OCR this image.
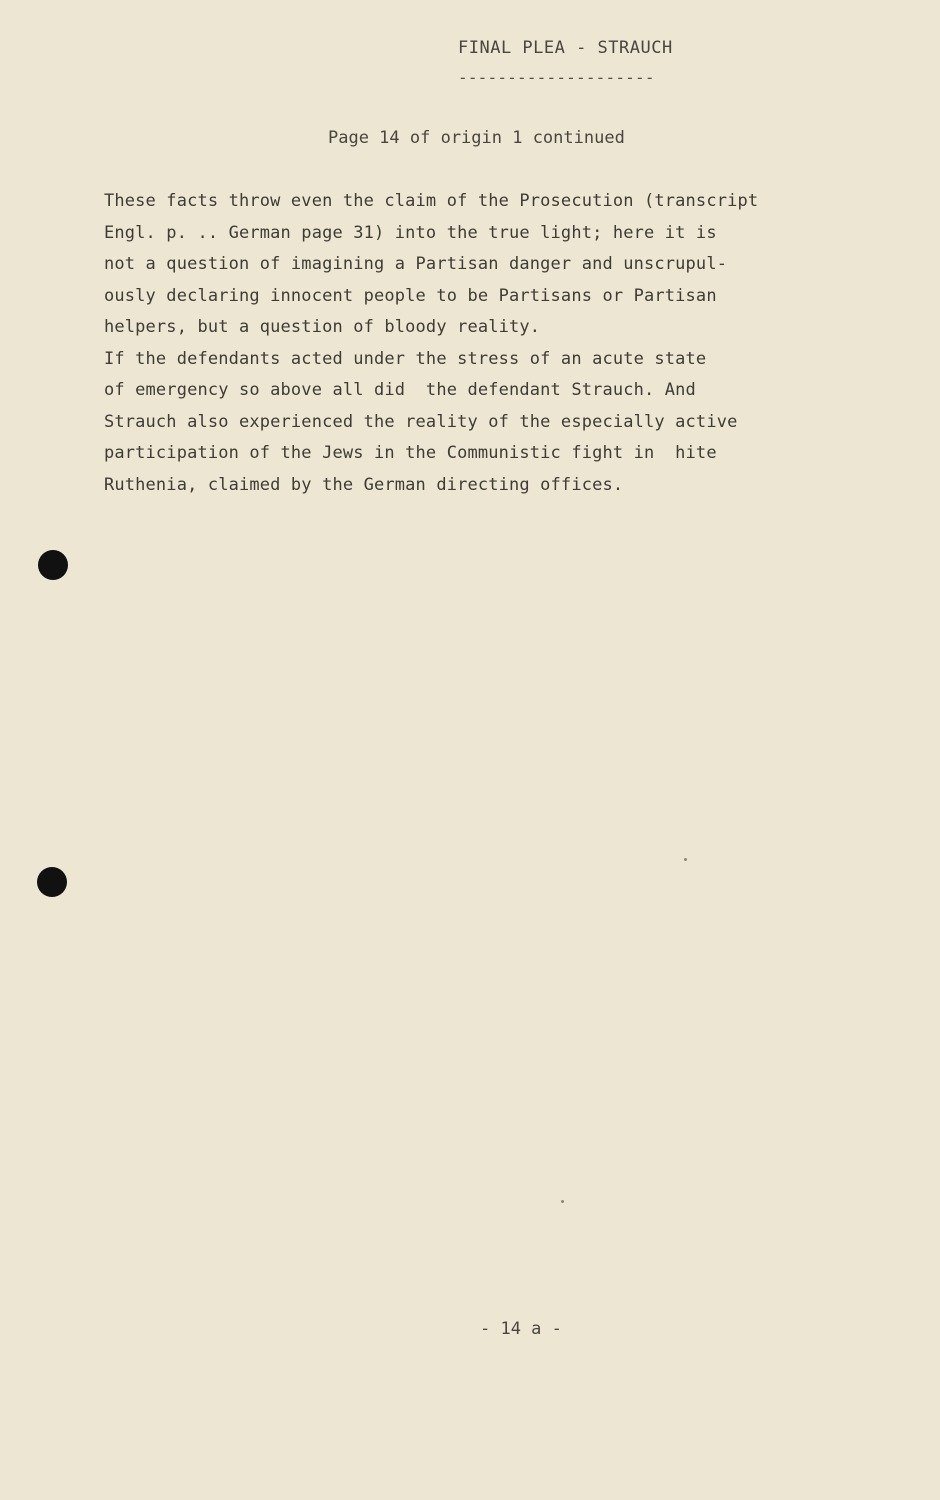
FINAL PLEA - STRAUCH
--------------------
Page 14 of origin 1 continued
These facts throw even the claim of the Prosecution (transcript
Engl. p. .. German page 31) into the true light; here it is
not a question of imagining a Partisan danger and unscrupul-
ously declaring innocent people to be Partisans or Partisan
helpers, but a question of bloody reality.
If the defendants acted under the stress of an acute state
of emergency so above all did  the defendant Strauch. And
Strauch also experienced the reality of the especially active
participation of the Jews in the Communistic fight in  hite
Ruthenia, claimed by the German directing offices.
- 14 a -
